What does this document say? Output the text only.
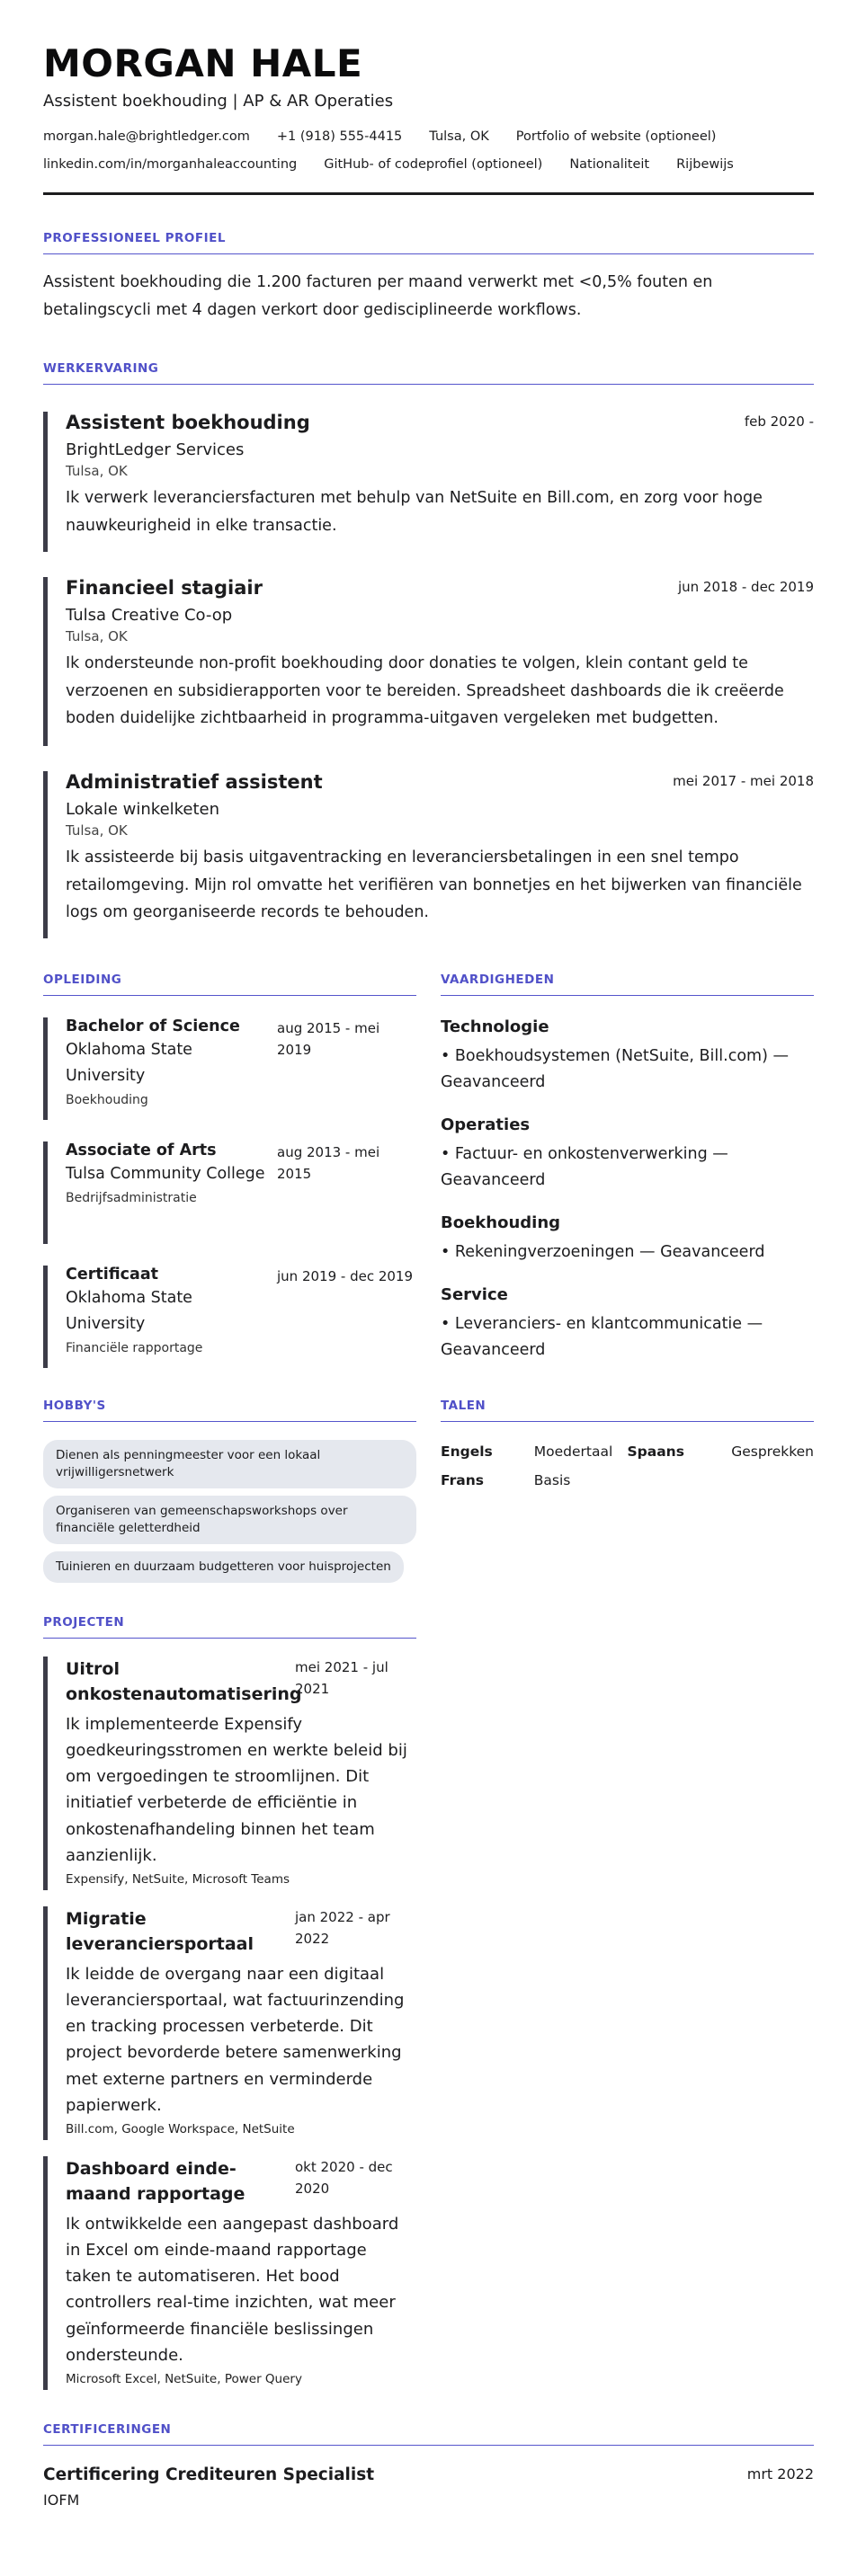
MORGAN HALE
Assistent boekhouding | AP & AR Operaties
morgan.hale@brightledger.com +1 (918) 555-4415 Tulsa, OK Portfolio of website (optioneel)
linkedin.com/in/morganhaleaccounting GitHub- of codeprofiel (optioneel) Nationaliteit Rijbewijs
PROFESSIONEEL PROFIEL
Assistent boekhouding die 1.200 facturen per maand verwerkt met <0,5% fouten en betalingscycli met 4 dagen verkort door gedisciplineerde workflows.
WERKERVARING
feb 2020 -
Assistent boekhouding
BrightLedger Services
Tulsa, OK
Ik verwerk leveranciersfacturen met behulp van NetSuite en Bill.com, en zorg voor hoge nauwkeurigheid in elke transactie.
jun 2018 - dec 2019
Financieel stagiair
Tulsa Creative Co-op
Tulsa, OK
Ik ondersteunde non-profit boekhouding door donaties te volgen, klein contant geld te verzoenen en subsidierapporten voor te bereiden. Spreadsheet dashboards die ik creëerde boden duidelijke zichtbaarheid in programma-uitgaven vergeleken met budgetten.
mei 2017 - mei 2018
Administratief assistent
Lokale winkelketen
Tulsa, OK
Ik assisteerde bij basis uitgaventracking en leveranciersbetalingen in een snel tempo retailomgeving. Mijn rol omvatte het verifiëren van bonnetjes en het bijwerken van financiële logs om georganiseerde records te behouden.
OPLEIDING
aug 2015 - mei 2019
Bachelor of Science
Oklahoma State University
Boekhouding
aug 2013 - mei 2015
Associate of Arts
Tulsa Community College
Bedrijfsadministratie
jun 2019 - dec 2019
Certificaat
Oklahoma State University
Financiële rapportage
VAARDIGHEDEN
Technologie
• Boekhoudsystemen (NetSuite, Bill.com) — Geavanceerd
Operaties
• Factuur- en onkostenverwerking — Geavanceerd
Boekhouding
• Rekeningverzoeningen — Geavanceerd
Service
• Leveranciers- en klantcommunicatie — Geavanceerd
HOBBY'S
Dienen als penningmeester voor een lokaal vrijwilligersnetwerk
Organiseren van gemeenschapsworkshops over financiële geletterdheid
Tuinieren en duurzaam budgetteren voor huisprojecten
TALEN
Engels	Moedertaal	Spaans	Gesprekken
Frans	Basis
PROJECTEN
mei 2021 - jul 2021
Uitrol onkostenautomatisering
Ik implementeerde Expensify goedkeuringsstromen en werkte beleid bij om vergoedingen te stroomlijnen. Dit initiatief verbeterde de efficiëntie in onkostenafhandeling binnen het team aanzienlijk.
Expensify, NetSuite, Microsoft Teams
jan 2022 - apr 2022
Migratie leveranciersportaal
Ik leidde de overgang naar een digitaal leveranciersportaal, wat factuurinzending en tracking processen verbeterde. Dit project bevorderde betere samenwerking met externe partners en verminderde papierwerk.
Bill.com, Google Workspace, NetSuite
okt 2020 - dec 2020
Dashboard einde-maand rapportage
Ik ontwikkelde een aangepast dashboard in Excel om einde-maand rapportage taken te automatiseren. Het bood controllers real-time inzichten, wat meer geïnformeerde financiële beslissingen ondersteunde.
Microsoft Excel, NetSuite, Power Query
CERTIFICERINGEN
mrt 2022
Certificering Crediteuren Specialist
IOFM
